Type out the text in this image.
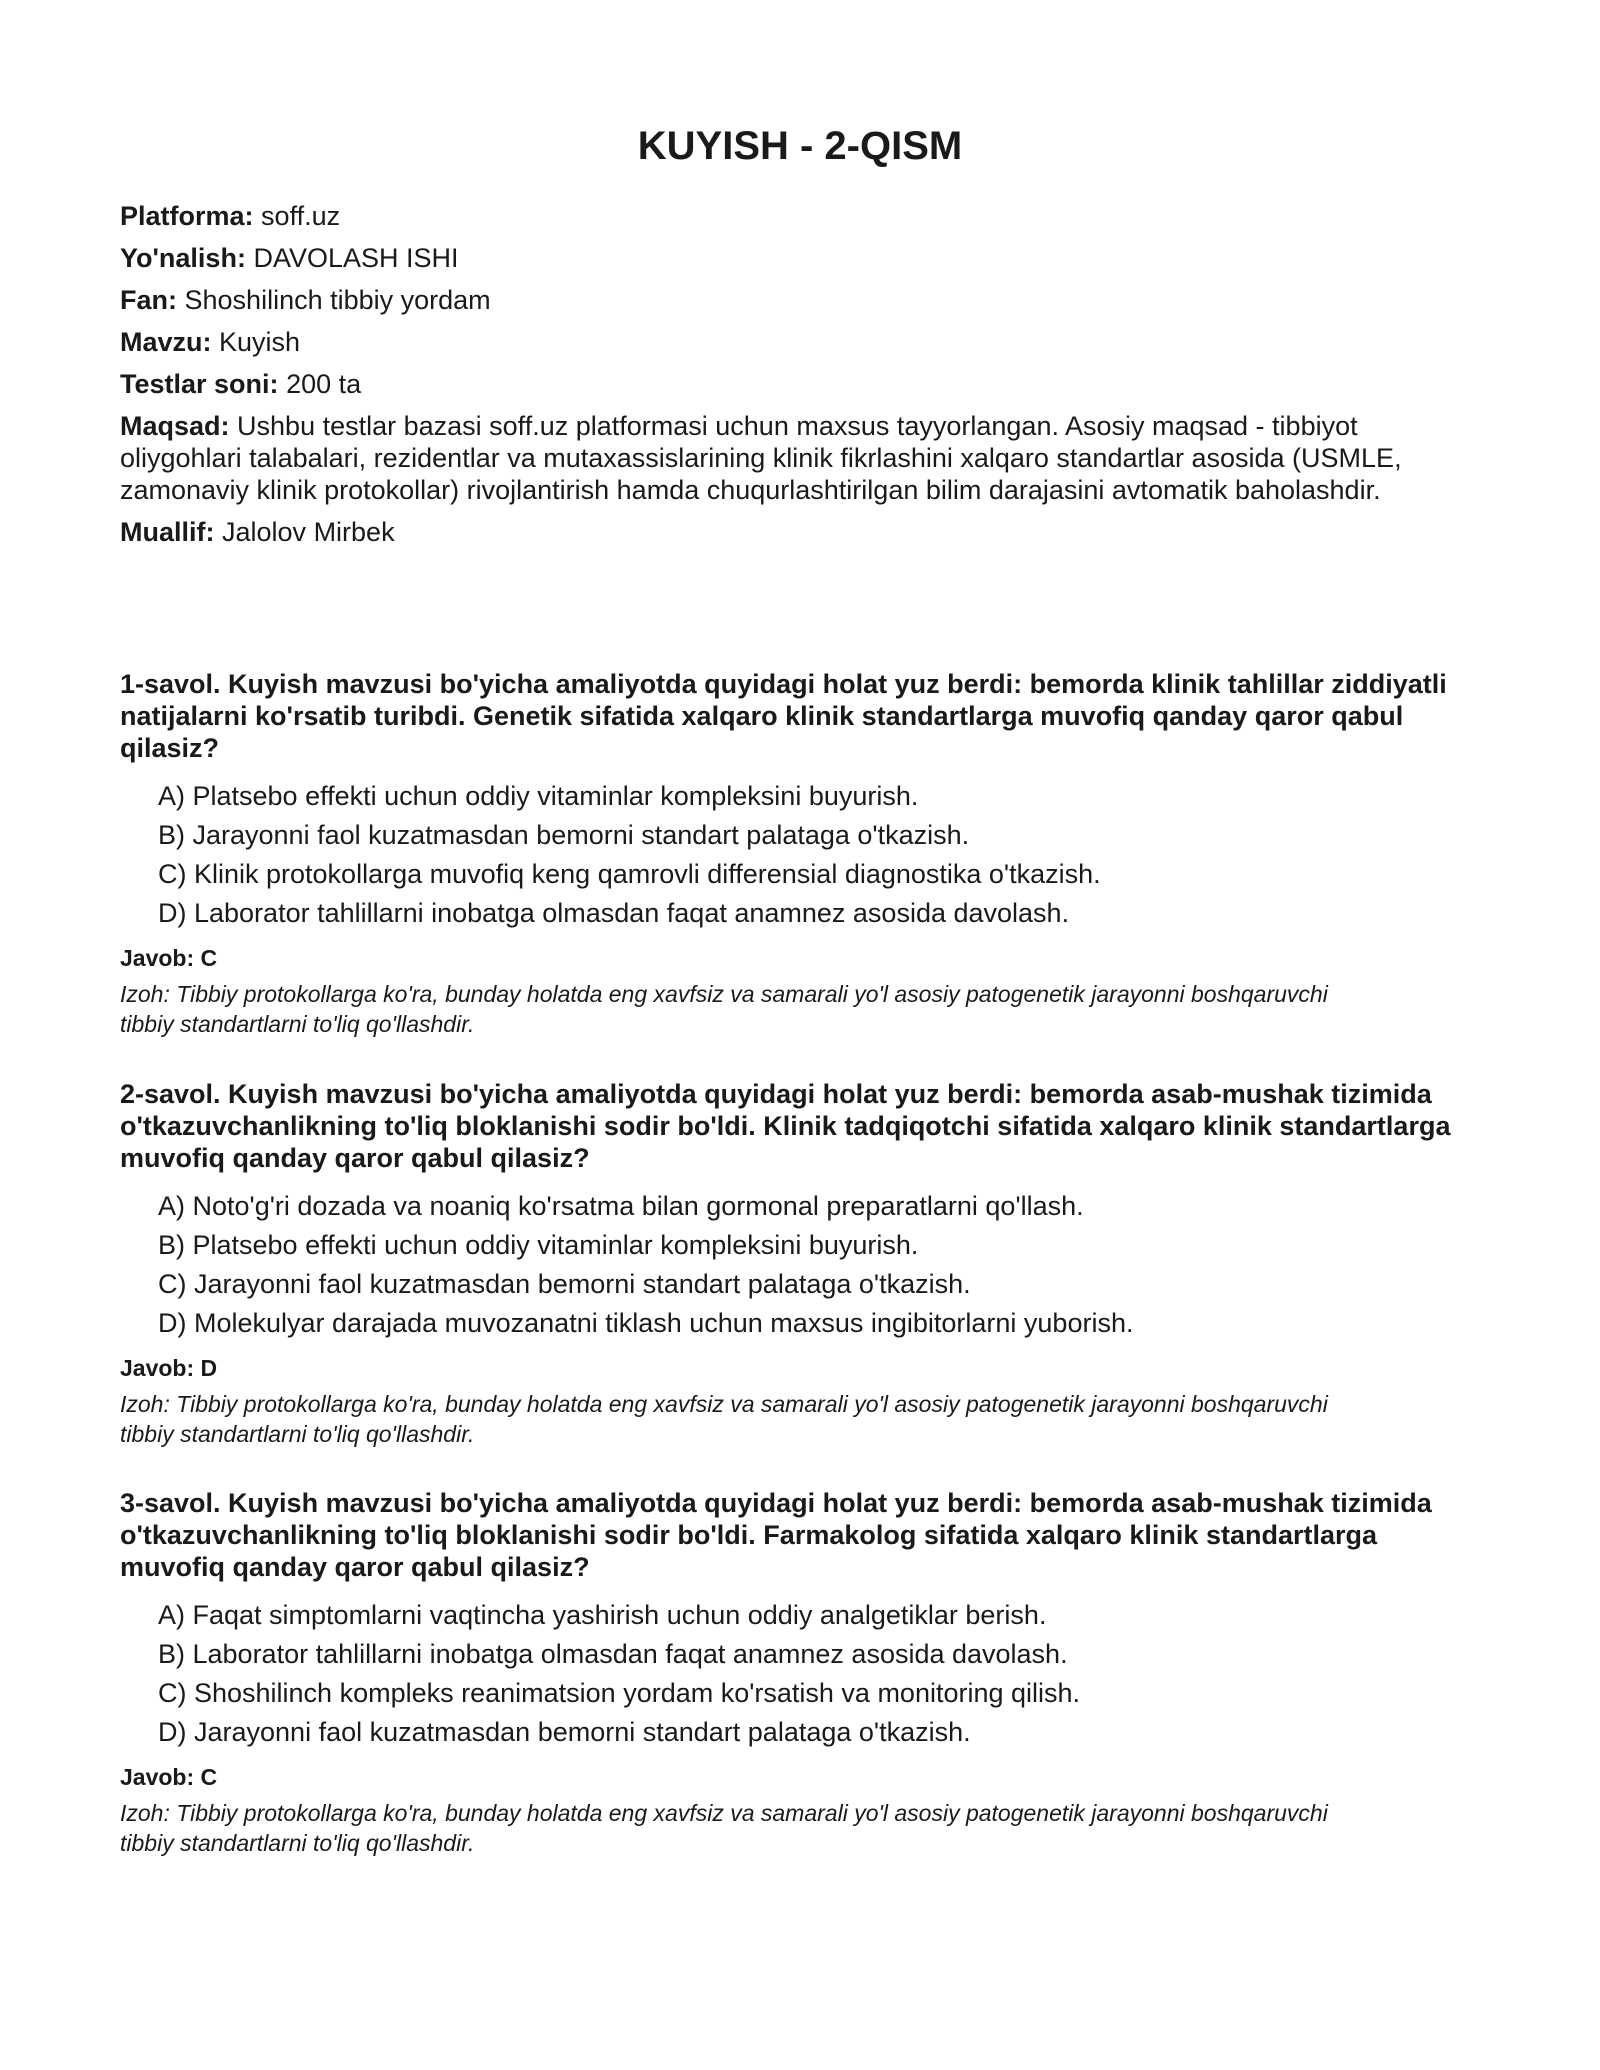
KUYISH - 2-QISM

Platforma: soff.uz

Yo'nalish: DAVOLASH ISHI

Fan: Shoshilinch tibbiy yordam

Mavzu: Kuyish

Testlar soni: 200 ta

Maqsad: Ushbu testlar bazasi soff.uz platformasi uchun maxsus tayyorlangan. Asosiy maqsad - tibbiyot oliygohlari talabalari, rezidentlar va mutaxassislarining klinik fikrlashini xalqaro standartlar asosida (USMLE, zamonaviy klinik protokollar) rivojlantirish hamda chuqurlashtirilgan bilim darajasini avtomatik baholashdir.

Muallif: Jalolov Mirbek

1-savol. Kuyish mavzusi bo'yicha amaliyotda quyidagi holat yuz berdi: bemorda klinik tahlillar ziddiyatli natijalarni ko'rsatib turibdi. Genetik sifatida xalqaro klinik standartlarga muvofiq qanday qaror qabul qilasiz?

A) Platsebo effekti uchun oddiy vitaminlar kompleksini buyurish.
B) Jarayonni faol kuzatmasdan bemorni standart palataga o'tkazish.
C) Klinik protokollarga muvofiq keng qamrovli differensial diagnostika o'tkazish.
D) Laborator tahlillarni inobatga olmasdan faqat anamnez asosida davolash.

Javob: C

Izoh: Tibbiy protokollarga ko'ra, bunday holatda eng xavfsiz va samarali yo'l asosiy patogenetik jarayonni boshqaruvchi tibbiy standartlarni to'liq qo'llashdir.

2-savol. Kuyish mavzusi bo'yicha amaliyotda quyidagi holat yuz berdi: bemorda asab-mushak tizimida o'tkazuvchanlikning to'liq bloklanishi sodir bo'ldi. Klinik tadqiqotchi sifatida xalqaro klinik standartlarga muvofiq qanday qaror qabul qilasiz?

A) Noto'g'ri dozada va noaniq ko'rsatma bilan gormonal preparatlarni qo'llash.
B) Platsebo effekti uchun oddiy vitaminlar kompleksini buyurish.
C) Jarayonni faol kuzatmasdan bemorni standart palataga o'tkazish.
D) Molekulyar darajada muvozanatni tiklash uchun maxsus ingibitorlarni yuborish.

Javob: D

Izoh: Tibbiy protokollarga ko'ra, bunday holatda eng xavfsiz va samarali yo'l asosiy patogenetik jarayonni boshqaruvchi tibbiy standartlarni to'liq qo'llashdir.

3-savol. Kuyish mavzusi bo'yicha amaliyotda quyidagi holat yuz berdi: bemorda asab-mushak tizimida o'tkazuvchanlikning to'liq bloklanishi sodir bo'ldi. Farmakolog sifatida xalqaro klinik standartlarga muvofiq qanday qaror qabul qilasiz?

A) Faqat simptomlarni vaqtincha yashirish uchun oddiy analgetiklar berish.
B) Laborator tahlillarni inobatga olmasdan faqat anamnez asosida davolash.
C) Shoshilinch kompleks reanimatsion yordam ko'rsatish va monitoring qilish.
D) Jarayonni faol kuzatmasdan bemorni standart palataga o'tkazish.

Javob: C

Izoh: Tibbiy protokollarga ko'ra, bunday holatda eng xavfsiz va samarali yo'l asosiy patogenetik jarayonni boshqaruvchi tibbiy standartlarni to'liq qo'llashdir.
